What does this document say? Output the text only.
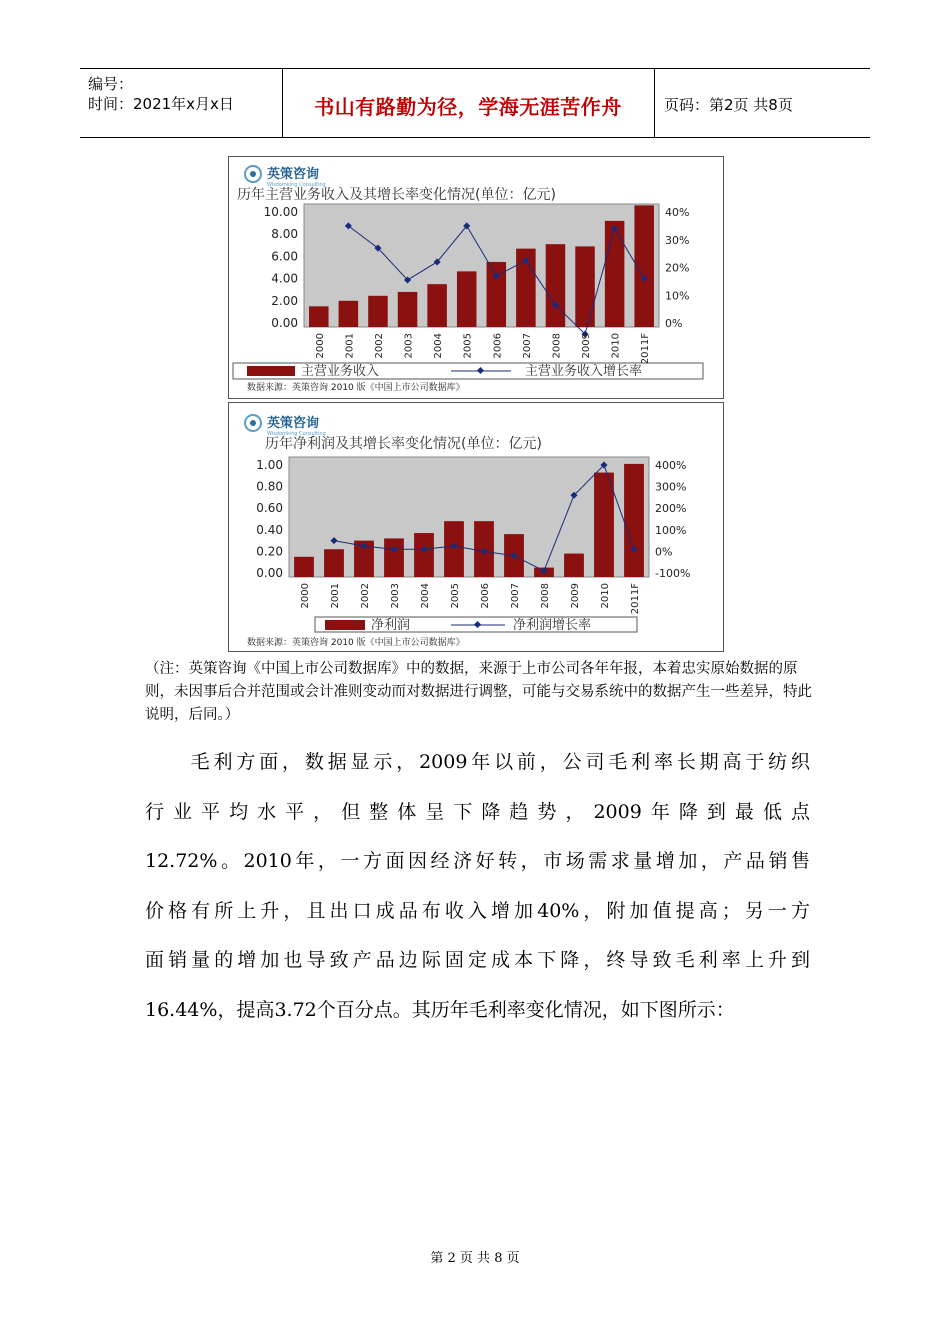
编号：
时间：2021年x月x日	书山有路勤为径，学海无涯苦作舟	页码：第2页 共8页
英策咨询
Wisdomking Consulting
历年主营业务收入及其增长率变化情况(单位：亿元)
主营业务收入	主营业务收入增长率
数据来源：英策咨询 2010 版《中国上市公司数据库》
0.00
2.00
4.00
6.00
8.00
10.00
0%
10%
20%
30%
40%
2000 2001 2002 2003 2004 2005 2006 2007 2008 2009 2010 2011F
英策咨询
Wisdomking Consulting
历年净利润及其增长率变化情况(单位：亿元)
净利润	净利润增长率
数据来源：英策咨询 2010 版《中国上市公司数据库》
0.00
0.20
0.40
0.60
0.80
1.00
-100%
0%
100%
200%
300%
400%
2000 2001 2002 2003 2004 2005 2006 2007 2008 2009 2010 2011F
（注：英策咨询《中国上市公司数据库》中的数据，来源于上市公司各年年报，本着忠实原始数据的原则，未因事后合并范围或会计准则变动而对数据进行调整，可能与交易系统中的数据产生一些差异，特此说明，后同。）

　　毛利方面，数据显示，2009年以前，公司毛利率长期高于纺织

行业平均水平，但整体呈下降趋势，2009年降到最低点

12.72%。2010年，一方面因经济好转，市场需求量增加，产品销售

价格有所上升，且出口成品布收入增加40%，附加值提高；另一方

面销量的增加也导致产品边际固定成本下降，终导致毛利率上升到

16.44%，提高3.72个百分点。其历年毛利率变化情况，如下图所示：

第 2 页 共 8 页
